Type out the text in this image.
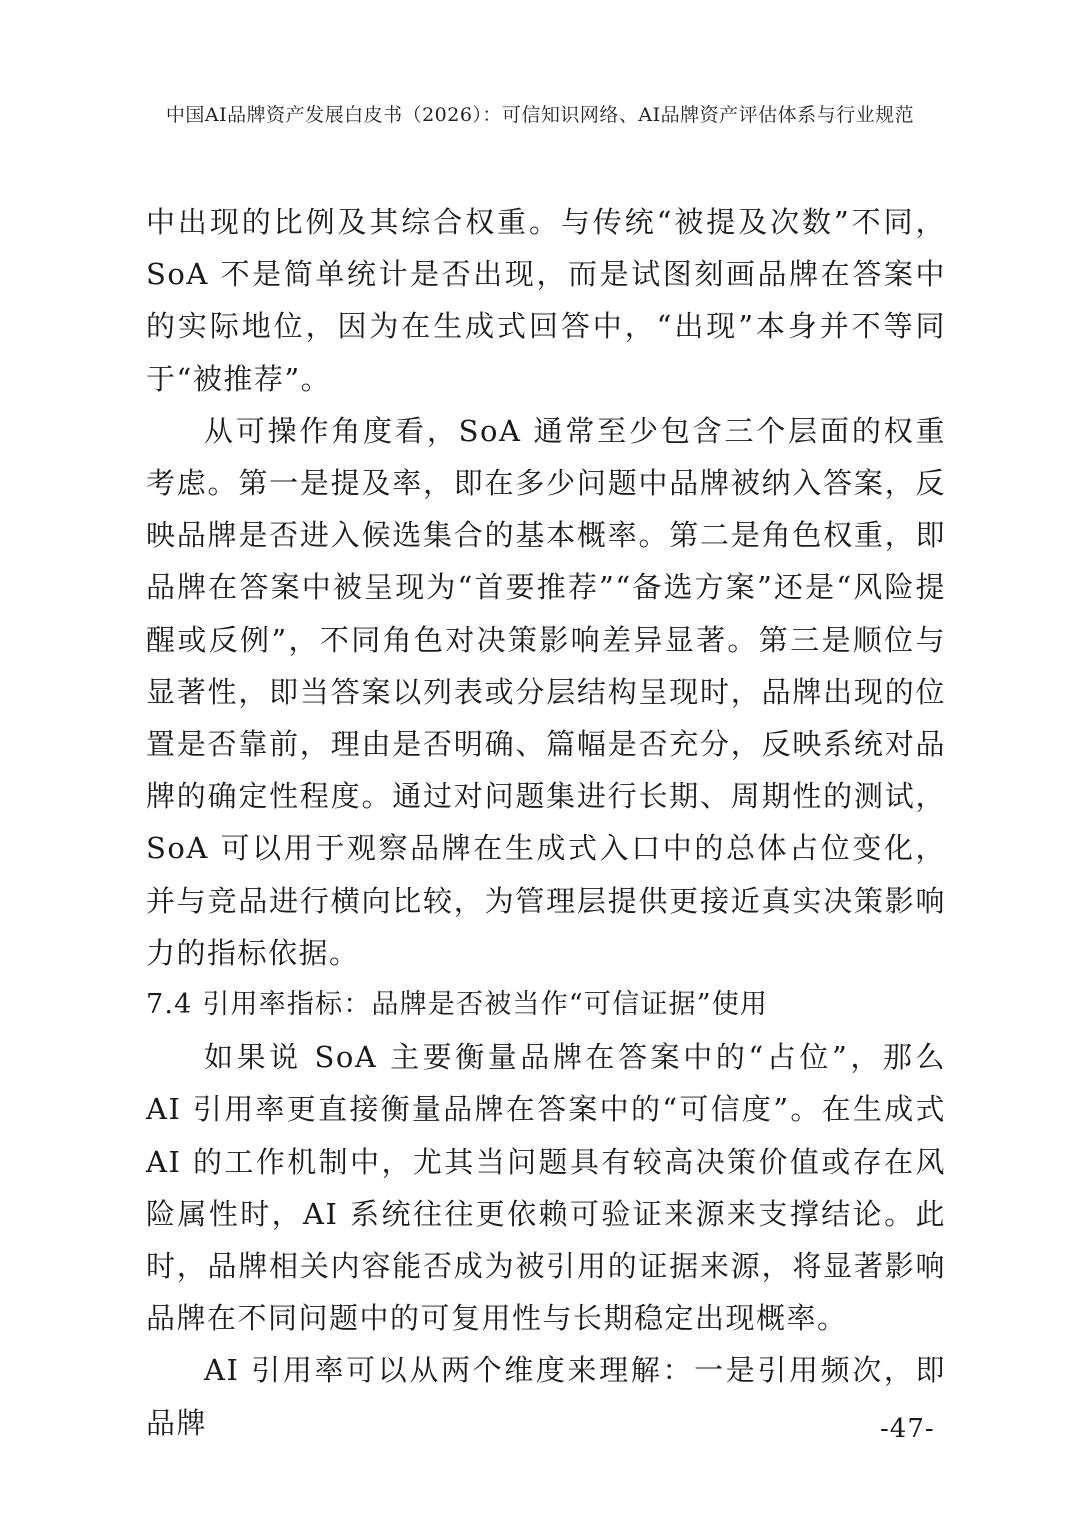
中国AI品牌资产发展白皮书（2026）：可信知识网络、AI品牌资产评估体系与行业规范

中出现的比例及其综合权重。与传统“被提及次数”不同，SoA 不是简单统计是否出现，而是试图刻画品牌在答案中的实际地位，因为在生成式回答中，“出现”本身并不等同于“被推荐”。

从可操作角度看，SoA 通常至少包含三个层面的权重考虑。第一是提及率，即在多少问题中品牌被纳入答案，反映品牌是否进入候选集合的基本概率。第二是角色权重，即品牌在答案中被呈现为“首要推荐”“备选方案”还是“风险提醒或反例”，不同角色对决策影响差异显著。第三是顺位与显著性，即当答案以列表或分层结构呈现时，品牌出现的位置是否靠前，理由是否明确、篇幅是否充分，反映系统对品牌的确定性程度。通过对问题集进行长期、周期性的测试，SoA 可以用于观察品牌在生成式入口中的总体占位变化，并与竞品进行横向比较，为管理层提供更接近真实决策影响力的指标依据。

7.4 引用率指标：品牌是否被当作“可信证据”使用

如果说 SoA 主要衡量品牌在答案中的“占位”，那么 AI 引用率更直接衡量品牌在答案中的“可信度”。在生成式 AI 的工作机制中，尤其当问题具有较高决策价值或存在风险属性时，AI 系统往往更依赖可验证来源来支撑结论。此时，品牌相关内容能否成为被引用的证据来源，将显著影响品牌在不同问题中的可复用性与长期稳定出现概率。

AI 引用率可以从两个维度来理解：一是引用频次，即品牌	-47-
